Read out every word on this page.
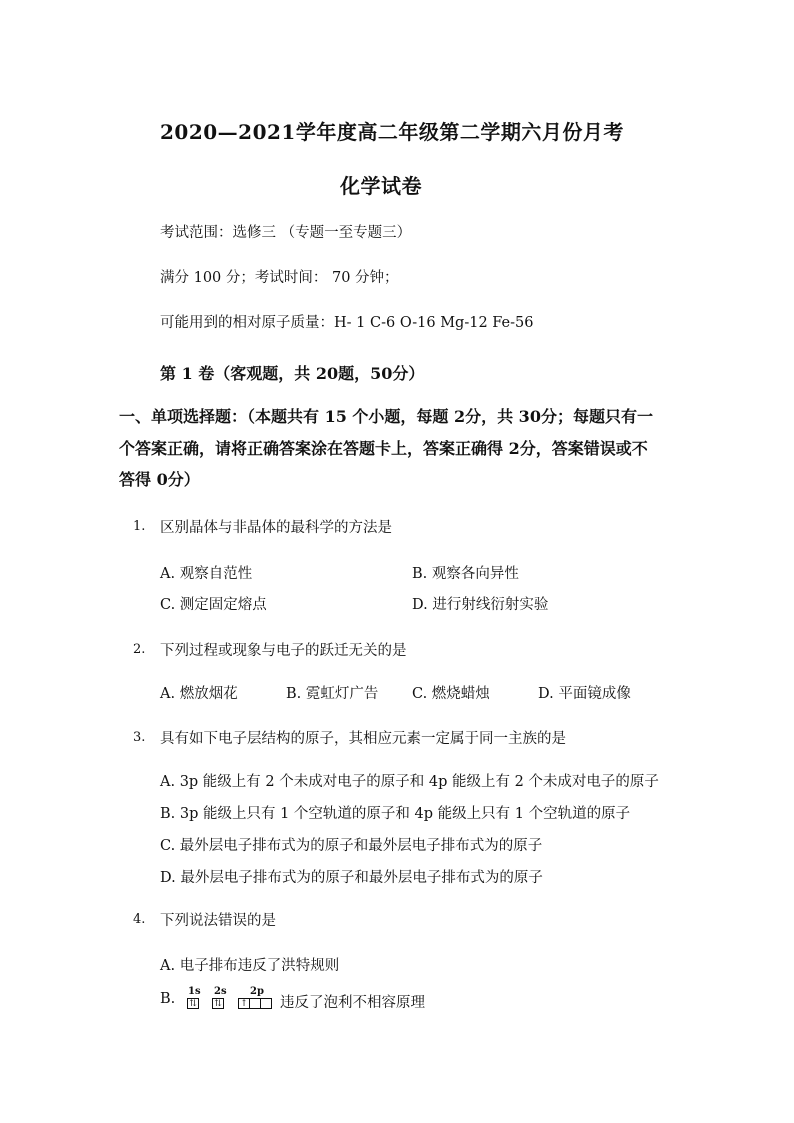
2020—2021学年度高二年级第二学期六月份月考
化学试卷
考试范围：选修三 （专题一至专题三）
满分 100 分；考试时间： 70 分钟；
可能用到的相对原子质量：H- 1 C-6 O-16 Mg-12 Fe-56
第 1 卷（客观题，共 20题，50分）
一、单项选择题：（本题共有 15 个小题，每题 2分，共 30分；每题只有一
个答案正确，请将正确答案涂在答题卡上，答案正确得 2分，答案错误或不
答得 0分）
1. 区别晶体与非晶体的最科学的方法是
A. 观察自范性	B. 观察各向异性
C. 测定固定熔点	D. 进行射线衍射实验
2. 下列过程或现象与电子的跃迁无关的是
A. 燃放烟花	B. 霓虹灯广告 C. 燃烧蜡烛	D. 平面镜成像
3. 具有如下电子层结构的原子，其相应元素一定属于同一主族的是
A. 3p 能级上有 2 个未成对电子的原子和 4p 能级上有 2 个未成对电子的原子
B. 3p 能级上只有 1 个空轨道的原子和 4p 能级上只有 1 个空轨道的原子
C. 最外层电子排布式为的原子和最外层电子排布式为的原子
D. 最外层电子排布式为的原子和最外层电子排布式为的原子
4. 下列说法错误的是
A. 电子排布违反了洪特规则
B. 1s 2s 2p
⇅ ⇅ ↑ 违反了泡利不相容原理
